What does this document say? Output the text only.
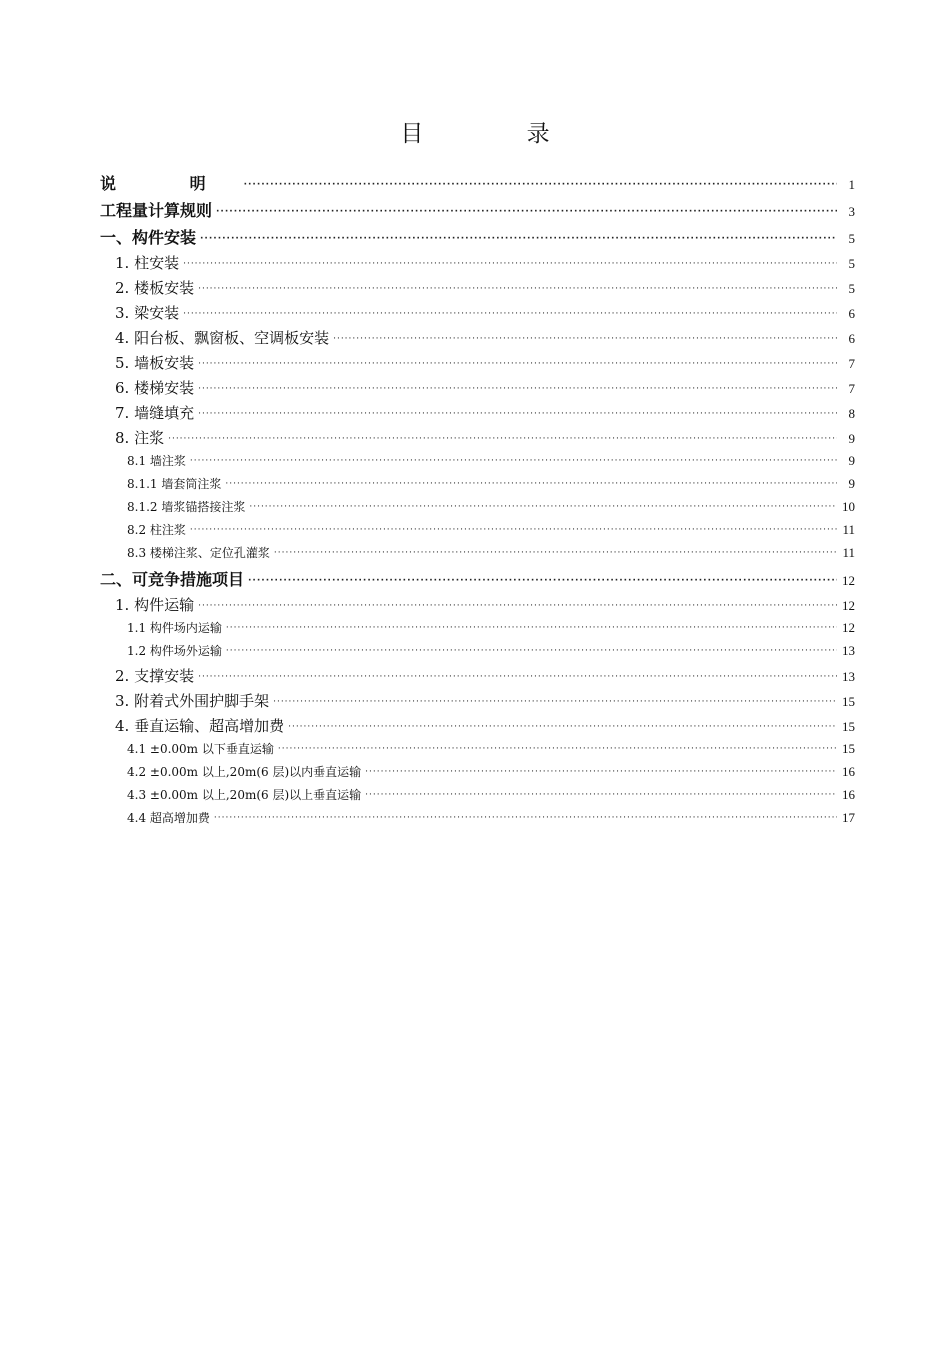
目 录
说 明 ·····	1
工程量计算规则 ·····	3
一、构件安装 ·····	5
1. 柱安装 ·····	5
2. 楼板安装 ·····	5
3. 梁安装 ·····	6
4. 阳台板、飘窗板、空调板安装 ·····	6
5. 墙板安装 ·····	7
6. 楼梯安装 ·····	7
7. 墙缝填充 ·····	8
8. 注浆 ·····	9
8.1 墙注浆 ·····	9
8.1.1 墙套筒注浆 ·····	9
8.1.2 墙浆锚搭接注浆 ·····	10
8.2 柱注浆 ·····	11
8.3 楼梯注浆、定位孔灌浆 ·····	11
二、可竞争措施项目 ·····	12
1. 构件运输 ·····	12
1.1 构件场内运输 ·····	12
1.2 构件场外运输 ·····	13
2. 支撑安装 ·····	13
3. 附着式外围护脚手架 ·····	15
4. 垂直运输、超高增加费 ·····	15
4.1 ±0.00m 以下垂直运输 ·····	15
4.2 ±0.00m 以上,20m(6 层)以内垂直运输 ·····	16
4.3 ±0.00m 以上,20m(6 层)以上垂直运输 ·····	16
4.4 超高增加费 ·····	17
